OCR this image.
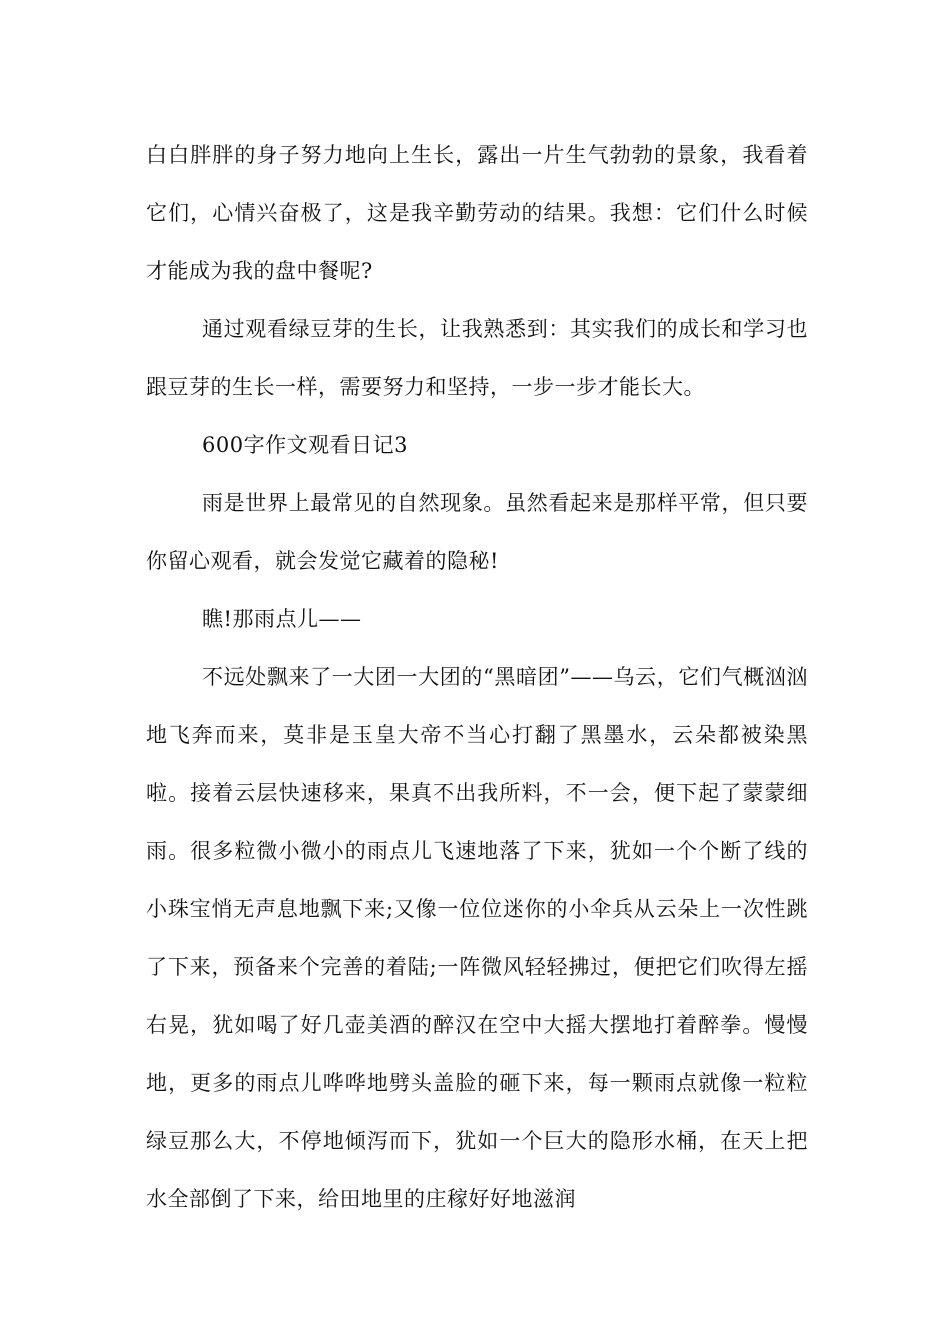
白白胖胖的身子努力地向上生长，露出一片生气勃勃的景象，我看着它们，心情兴奋极了，这是我辛勤劳动的结果。我想：它们什么时候才能成为我的盘中餐呢?

通过观看绿豆芽的生长，让我熟悉到：其实我们的成长和学习也跟豆芽的生长一样，需要努力和坚持，一步一步才能长大。

600字作文观看日记3

雨是世界上最常见的自然现象。虽然看起来是那样平常，但只要你留心观看，就会发觉它藏着的隐秘!

瞧!那雨点儿——

不远处飘来了一大团一大团的“黑暗团”——乌云，它们气概汹汹地飞奔而来，莫非是玉皇大帝不当心打翻了黑墨水，云朵都被染黑啦。接着云层快速移来，果真不出我所料，不一会，便下起了蒙蒙细雨。很多粒微小微小的雨点儿飞速地落了下来，犹如一个个断了线的小珠宝悄无声息地飘下来;又像一位位迷你的小伞兵从云朵上一次性跳了下来，预备来个完善的着陆;一阵微风轻轻拂过，便把它们吹得左摇右晃，犹如喝了好几壶美酒的醉汉在空中大摇大摆地打着醉拳。慢慢地，更多的雨点儿哗哗地劈头盖脸的砸下来，每一颗雨点就像一粒粒绿豆那么大，不停地倾泻而下，犹如一个巨大的隐形水桶，在天上把水全部倒了下来，给田地里的庄稼好好地滋润
